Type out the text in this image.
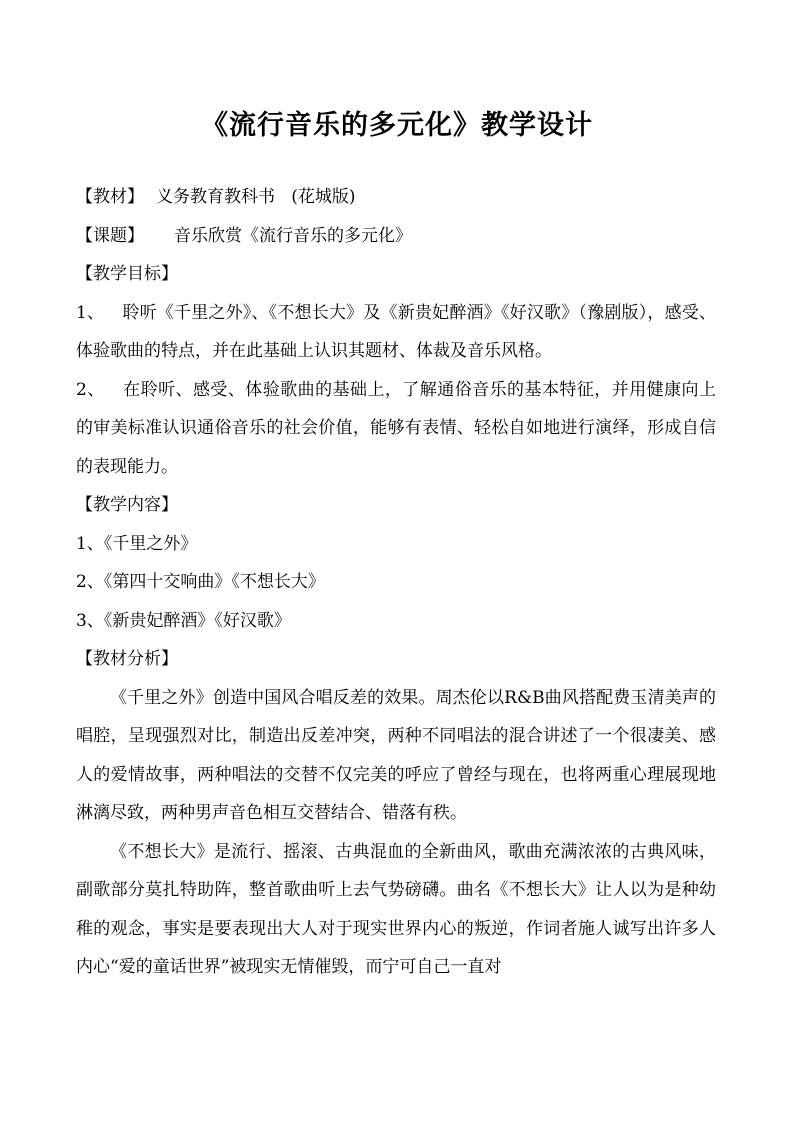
《流行音乐的多元化》教学设计

【教材】 义务教育教科书   (花城版)

【课题】 音乐欣赏《流行音乐的多元化》

【教学目标】

1、 聆听《千里之外》、《不想长大》及《新贵妃醉酒》《好汉歌》（豫剧版），感受、体验歌曲的特点，并在此基础上认识其题材、体裁及音乐风格。

2、 在聆听、感受、体验歌曲的基础上，了解通俗音乐的基本特征，并用健康向上的审美标准认识通俗音乐的社会价值，能够有表情、轻松自如地进行演绎，形成自信的表现能力。

【教学内容】

1、《千里之外》

2、《第四十交响曲》《不想长大》

3、《新贵妃醉酒》《好汉歌》

【教材分析】

《千里之外》创造中国风合唱反差的效果。周杰伦以R&B曲风搭配费玉清美声的唱腔，呈现强烈对比，制造出反差冲突，两种不同唱法的混合讲述了一个很凄美、感人的爱情故事，两种唱法的交替不仅完美的呼应了曾经与现在，也将两重心理展现地淋漓尽致，两种男声音色相互交替结合、错落有秩。

《不想长大》是流行、摇滚、古典混血的全新曲风，歌曲充满浓浓的古典风味，副歌部分莫扎特助阵，整首歌曲听上去气势磅礴。曲名《不想长大》让人以为是种幼稚的观念，事实是要表现出大人对于现实世界内心的叛逆，作词者施人诚写出许多人内心“爱的童话世界”被现实无情催毁，而宁可自己一直对
